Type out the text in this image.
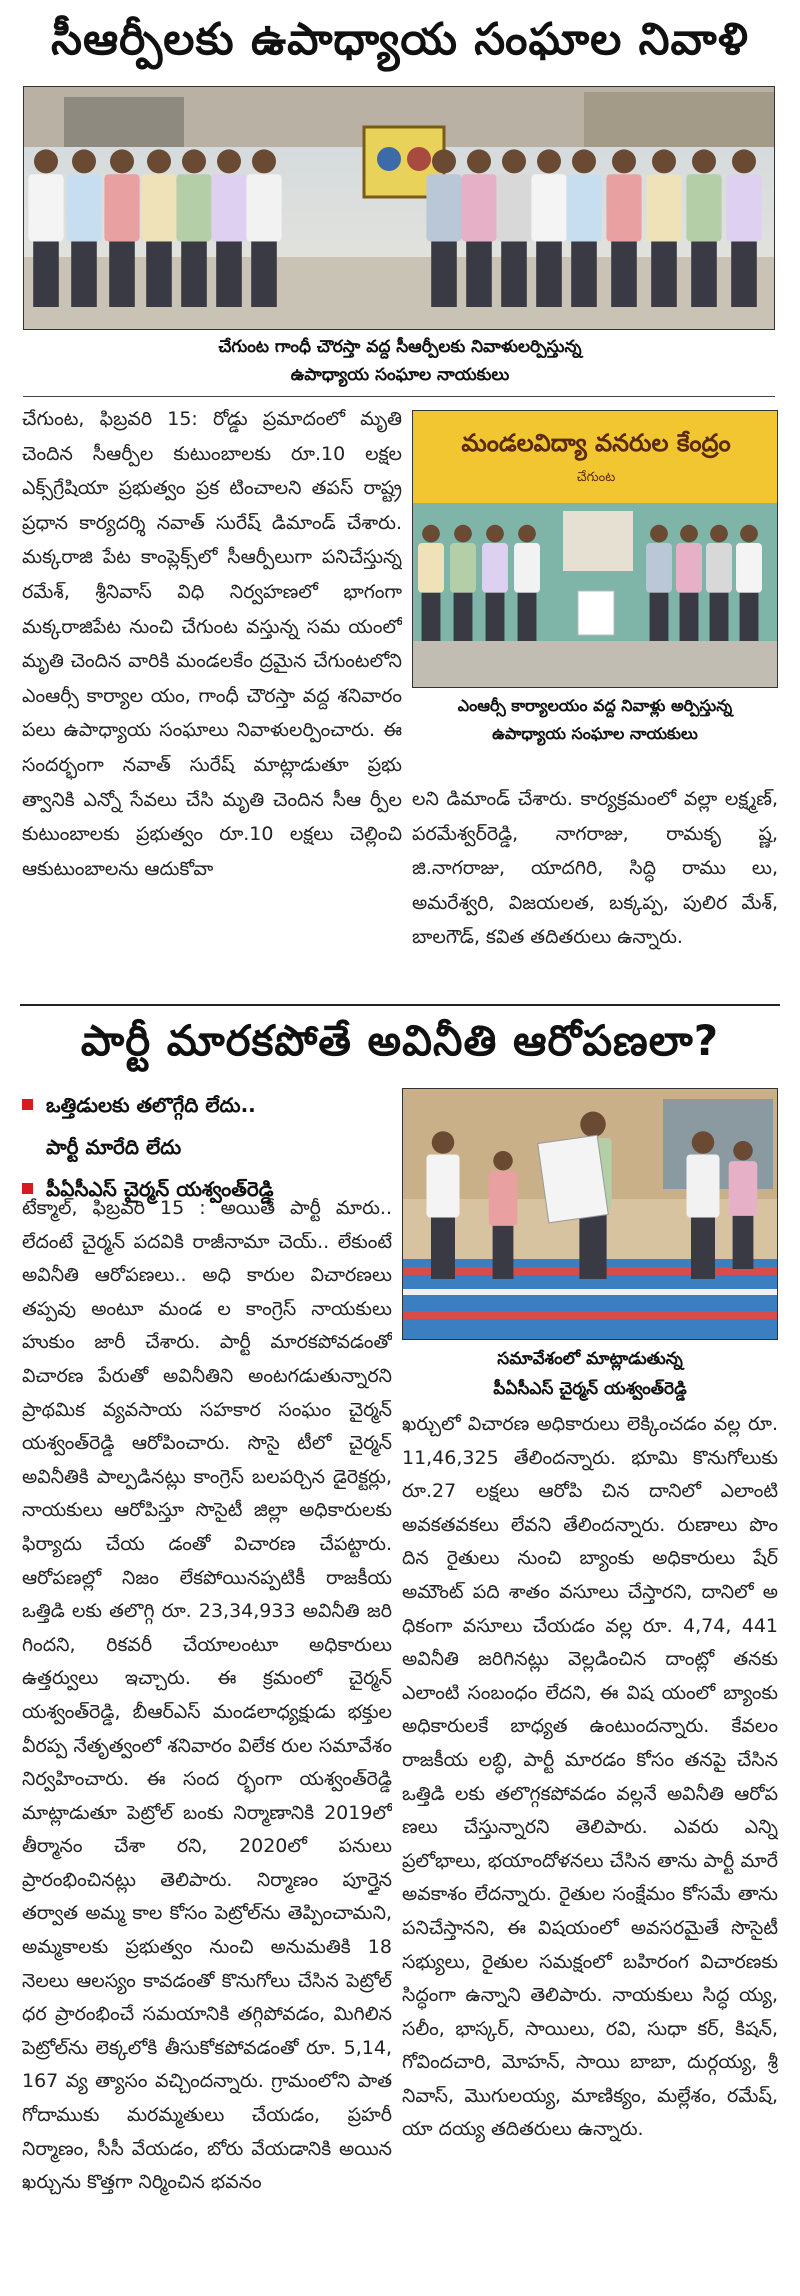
సీఆర్పీలకు ఉపాధ్యాయ సంఘాల నివాళి
చేగుంట గాంధీ చౌరస్తా వద్ద సీఆర్పీలకు నివాళులర్పిస్తున్న
ఉపాధ్యాయ సంఘాల నాయకులు

చేగుంట, ఫిబ్రవరి 15: రోడ్డు ప్రమాదంలో మృతి చెందిన సీఆర్పీల కుటుంబాలకు రూ.10 లక్షల ఎక్స్‌గ్రేషియా ప్రభుత్వం ప్రక టించాలని తపస్ రాష్ట్ర ప్రధాన కార్యదర్శి నవాత్ సురేష్ డిమాండ్ చేశారు. మక్కరాజి పేట కాంప్లెక్స్‌లో సీఆర్పీలుగా పనిచేస్తున్న రమేశ్, శ్రీనివాస్ విధి నిర్వహణలో భాగంగా మక్కరాజిపేట నుంచి చేగుంట వస్తున్న సమ యంలో మృతి చెందిన వారికి మండలకేం ద్రమైన చేగుంటలోని ఎంఆర్సీ కార్యాల యం, గాంధీ చౌరస్తా వద్ద శనివారం పలు ఉపాధ్యాయ సంఘాలు నివాళులర్పించారు. ఈ సందర్భంగా నవాత్ సురేష్ మాట్లాడుతూ ప్రభు త్వానికి ఎన్నో సేవలు చేసి మృతి చెందిన సీఆ ర్పీల కుటుంబాలకు ప్రభుత్వం రూ.10 లక్షలు చెల్లించి ఆకుటుంబాలను ఆదుకోవా

మండలవిద్యా వనరుల కేంద్రం
చేగుంట
ఎంఆర్సీ కార్యాలయం వద్ద నివాళ్లు అర్పిస్తున్న
ఉపాధ్యాయ సంఘాల నాయకులు

లని డిమాండ్ చేశారు. కార్యక్రమంలో వల్లా లక్ష్మణ్, పరమేశ్వర్‌రెడ్డి, నాగరాజు, రామకృ ష్ణ, జి.నాగరాజు, యాదగిరి, సిద్ధి రాము లు, అమరేశ్వరి, విజయలత, బక్కప్ప, పులిర మేశ్, బాలగౌడ్, కవిత తదితరులు ఉన్నారు.

పార్టీ మారకపోతే అవినీతి ఆరోపణలా?
ఒత్తిడులకు తలొగ్గేది లేదు..
పార్టీ మారేది లేదు
పీఏసీఎస్ చైర్మన్ యశ్వంత్‌రెడ్డి
సమావేశంలో మాట్లాడుతున్న
పీఏసీఎస్ చైర్మన్ యశ్వంత్‌రెడ్డి

టేక్మాల్, ఫిబ్రవరి 15 : అయితే పార్టీ మారు.. లేదంటే చైర్మన్ పదవికి రాజీనామా చెయ్.. లేకుంటే అవినీతి ఆరోపణలు.. అధి కారుల విచారణలు తప్పవు అంటూ మండ ల కాంగ్రెస్ నాయకులు హుకుం జారీ చేశారు. పార్టీ మారకపోవడంతో విచారణ పేరుతో అవినీతిని అంటగడుతున్నారని ప్రాథమిక వ్యవసాయ సహకార సంఘం చైర్మన్ యశ్వంత్‌రెడ్డి ఆరోపించారు. సొసై టీలో చైర్మన్ అవినీతికి పాల్పడినట్లు కాంగ్రెస్ బలపర్చిన డైరెక్టర్లు, నాయకులు ఆరోపిస్తూ సొసైటీ జిల్లా అధికారులకు ఫిర్యాదు చేయ డంతో విచారణ చేపట్టారు. ఆరోపణల్లో నిజం లేకపోయినప్పటికీ రాజకీయ ఒత్తిడి లకు తలొగ్గి రూ. 23,34,933 అవినీతి జరి గిందని, రికవరీ చేయాలంటూ అధికారులు ఉత్తర్వులు ఇచ్చారు. ఈ క్రమంలో చైర్మన్ యశ్వంత్‌రెడ్డి, బీఆర్ఎస్ మండలాధ్యక్షుడు భక్తుల వీరప్ప నేతృత్వంలో శనివారం విలేక రుల సమావేశం నిర్వహించారు. ఈ సంద ర్భంగా యశ్వంత్‌రెడ్డి మాట్లాడుతూ పెట్రోల్ బంకు నిర్మాణానికి 2019లో తీర్మానం చేశా రని, 2020లో పనులు ప్రారంభించినట్లు తెలిపారు. నిర్మాణం పూర్తైన తర్వాత అమ్మ కాల కోసం పెట్రోల్‌ను తెప్పించామని, అమ్మకాలకు ప్రభుత్వం నుంచి అనుమతికి 18 నెలలు ఆలస్యం కావడంతో కొనుగోలు చేసిన పెట్రోల్ ధర ప్రారంభించే సమయానికి తగ్గిపోవడం, మిగిలిన పెట్రోల్‌ను లెక్కలోకి తీసుకోకపోవడంతో రూ. 5,14, 167 వ్య త్యాసం వచ్చిందన్నారు. గ్రామంలోని పాత గోదాముకు మరమ్మతులు చేయడం, ప్రహరీ నిర్మాణం, సీసీ వేయడం, బోరు వేయడానికి అయిన ఖర్చును కొత్తగా నిర్మించిన భవనం

ఖర్చులో విచారణ అధికారులు లెక్కించడం వల్ల రూ. 11,46,325 తేలిందన్నారు. భూమి కొనుగోలుకు రూ.27 లక్షలు ఆరోపి చిన దానిలో ఎలాంటి అవకతవకలు లేవని తేలిందన్నారు. రుణాలు పొం దిన రైతులు నుంచి బ్యాంకు అధికారులు షేర్ అమౌంట్ పది శాతం వసూలు చేస్తారని, దానిలో అ ధికంగా వసూలు చేయడం వల్ల రూ. 4,74, 441 అవినీతి జరిగినట్లు వెల్లడించిన దాంట్లో తనకు ఎలాంటి సంబంధం లేదని, ఈ విష యంలో బ్యాంకు అధికారులకే బాధ్యత ఉంటుందన్నారు. కేవలం రాజకీయ లబ్ధి, పార్టీ మారడం కోసం తనపై చేసిన ఒత్తిడి లకు తలొగ్గకపోవడం వల్లనే అవినీతి ఆరోప ణలు చేస్తున్నారని తెలిపారు. ఎవరు ఎన్ని ప్రలోభాలు, భయాందోళనలు చేసిన తాను పార్టీ మారే అవకాశం లేదన్నారు. రైతుల సంక్షేమం కోసమే తాను పనిచేస్తానని, ఈ విషయంలో అవసరమైతే సొసైటీ సభ్యులు, రైతుల సమక్షంలో బహిరంగ విచారణకు సిద్ధంగా ఉన్నాని తెలిపారు. నాయకులు సిద్ధ య్య, సలీం, భాస్కర్, సాయిలు, రవి, సుధా కర్, కిషన్, గోవిందచారి, మోహన్, సాయి బాబా, దుర్గయ్య, శ్రీ నివాస్, మొగులయ్య, మాణిక్యం, మల్లేశం, రమేష్, యా దయ్య తదితరులు ఉన్నారు.
